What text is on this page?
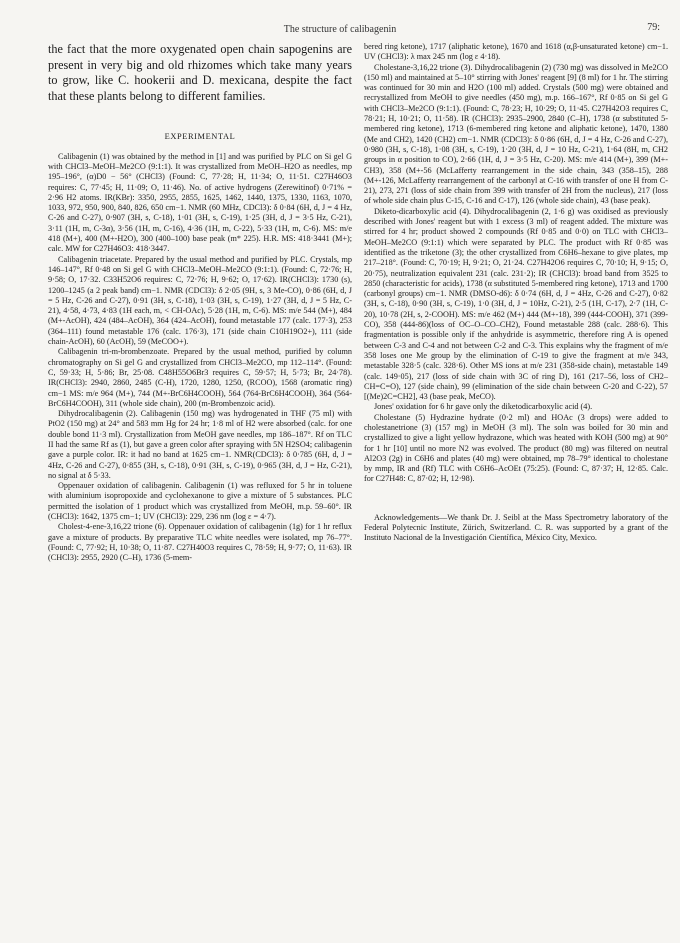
The structure of calibagenin	79:

the fact that the more oxygenated open chain sapogenins are present in very big and old rhizomes which take many years to grow, like C. hookerii and D. mexicana, despite the fact that these plants belong to different families.

EXPERIMENTAL

Calibagenin (1) was obtained by the method in [1] and was purified by PLC on Si gel G with CHCl3–MeOH–Me2CO (9:1:1). It was crystallized from MeOH–H2O as needles, mp 195–196°, (α)D0 − 56° (CHCl3) (Found: C, 77·28; H, 11·34; O, 11·51. C27H46O3 requires: C, 77·45; H, 11·09; O, 11·46). No. of active hydrogens (Zerewitinof) 0·71% = 2·96 H2 atoms. IR(KBr): 3350, 2955, 2855, 1625, 1462, 1440, 1375, 1330, 1163, 1070, 1033, 972, 950, 900, 840, 826, 650 cm−1. NMR (60 MHz, CDCl3): δ 0·84 (6H, d, J = 4 Hz, C-26 and C-27), 0·907 (3H, s, C-18), 1·01 (3H, s, C-19), 1·25 (3H, d, J = 3·5 Hz, C-21), 3·11 (1H, m, C-3α), 3·56 (1H, m, C-16), 4·36 (1H, m, C-22), 5·33 (1H, m, C-6). MS: m/e 418 (M+), 400 (M+-H2O), 300 (400–100) base peak (m* 225). H.R. MS: 418·3441 (M+); calc. MW for C27H46O3: 418·3447.

Calibagenin triacetate. Prepared by the usual method and purified by PLC. Crystals, mp 146–147°, Rf 0·48 on Si gel G with CHCl3–MeOH–Me2CO (9:1:1). (Found: C, 72·76; H, 9·58; O, 17·32. C33H52O6 requires: C, 72·76; H, 9·62; O, 17·62). IR(CHCl3): 1730 (s), 1200–1245 (a 2 peak band) cm−1. NMR (CDCl3): δ 2·05 (9H, s, 3 Me-CO), 0·86 (6H, d, J = 5 Hz, C-26 and C-27), 0·91 (3H, s, C-18), 1·03 (3H, s, C-19), 1·27 (3H, d, J = 5 Hz, C-21), 4·58, 4·73, 4·83 (1H each, m, < CH-OAc), 5·28 (1H, m, C-6). MS: m/e 544 (M+), 484 (M+-AcOH), 424 (484–AcOH), 364 (424–AcOH), found metastable 177 (calc. 177·3), 253 (364–111) found metastable 176 (calc. 176·3), 171 (side chain C10H19O2+), 111 (side chain-AcOH), 60 (AcOH), 59 (MeCOO+).

Calibagenin tri-m-brombenzoate. Prepared by the usual method, purified by column chromatography on Si gel G and crystallized from CHCl3–Me2CO, mp 112–114°. (Found: C, 59·33; H, 5·86; Br, 25·08. C48H55O6Br3 requires C, 59·57; H, 5·73; Br, 24·78). IR(CHCl3): 2940, 2860, 2485 (C-H), 1720, 1280, 1250, (RCOO), 1568 (aromatic ring) cm−1 MS: m/e 964 (M+), 744 (M+-BrC6H4COOH), 564 (764-BrC6H4COOH), 364 (564-BrC6H4COOH), 311 (whole side chain), 200 (m-Brombenzoic acid).

Dihydrocalibagenin (2). Calibagenin (150 mg) was hydrogenated in THF (75 ml) with PtO2 (150 mg) at 24° and 583 mm Hg for 24 hr; 1·8 ml of H2 were absorbed (calc. for one double bond 11·3 ml). Crystallization from MeOH gave needles, mp 186–187°. Rf on TLC II had the same Rf as (1), but gave a green color after spraying with 5N H2SO4; calibagenin gave a purple color. IR: it had no band at 1625 cm−1. NMR(CDCl3): δ 0·785 (6H, d, J = 4Hz, C-26 and C-27), 0·855 (3H, s, C-18), 0·91 (3H, s, C-19), 0·965 (3H, d, J = Hz, C-21), no signal at δ 5·33.

Oppenauer oxidation of calibagenin. Calibagenin (1) was refluxed for 5 hr in toluene with aluminium isopropoxide and cyclohexanone to give a mixture of 5 substances. PLC permitted the isolation of 1 product which was crystallized from MeOH, m.p. 59–60°. IR (CHCl3): 1642, 1375 cm−1; UV (CHCl3): 229, 236 nm (log ε = 4·7).

Cholest-4-ene-3,16,22 trione (6). Oppenauer oxidation of calibagenin (1g) for 1 hr reflux gave a mixture of products. By preparative TLC white needles were isolated, mp 76–77°. (Found: C, 77·92; H, 10·38; O, 11·87. C27H40O3 requires C, 78·59; H, 9·77; O, 11·63). IR (CHCl3): 2955, 2920 (C–H), 1736 (5-mem-

bered ring ketone), 1717 (aliphatic ketone), 1670 and 1618 (α,β-unsaturated ketone) cm−1. UV (CHCl3): λ max 245 nm (log ε 4·18).

Cholestane-3,16,22 trione (3). Dihydrocalibagenin (2) (730 mg) was dissolved in Me2CO (150 ml) and maintained at 5–10° stirring with Jones' reagent [9] (8 ml) for 1 hr. The stirring was continued for 30 min and H2O (100 ml) added. Crystals (500 mg) were obtained and recrystallized from MeOH to give needles (450 mg), m.p. 166–167°, Rf 0·85 on Si gel G with CHCl3–Me2CO (9:1:1). (Found: C, 78·23; H, 10·29; O, 11·45. C27H42O3 requires C, 78·21; H, 10·21; O, 11·58). IR (CHCl3): 2935–2900, 2840 (C–H), 1738 (α substituted 5-membered ring ketone), 1713 (6-membered ring ketone and aliphatic ketone), 1470, 1380 (Me and CH2), 1420 (CH2) cm−1. NMR (CDCl3): δ 0·86 (6H, d, J = 4 Hz, C-26 and C-27), 0·980 (3H, s, C-18), 1·08 (3H, s, C-19), 1·20 (3H, d, J = 10 Hz, C-21), 1·64 (8H, m, CH2 groups in α position to CO), 2·66 (1H, d, J = 3·5 Hz, C-20). MS: m/e 414 (M+), 399 (M+-CH3), 358 (M+-56 (McLafferty rearrangement in the side chain, 343 (358–15), 288 (M+-126, McLafferty rearrangement of the carbonyl at C-16 with transfer of one H from C-21), 273, 271 (loss of side chain from 399 with transfer of 2H from the nucleus), 217 (loss of whole side chain plus C-15, C-16 and C-17), 126 (whole side chain), 43 (base peak).

Diketo-dicarboxylic acid (4). Dihydrocalibagenin (2, 1·6 g) was oxidised as previously described with Jones' reagent but with 1 excess (3 ml) of reagent added. The mixture was stirred for 4 hr; product showed 2 compounds (Rf 0·85 and 0·0) on TLC with CHCl3–MeOH–Me2CO (9:1:1) which were separated by PLC. The product with Rf 0·85 was identified as the triketone (3); the other crystallized from C6H6–hexane to give plates, mp 217–218°. (Found: C, 70·19; H, 9·21; O, 21·24. C27H42O6 requires C, 70·10; H, 9·15; O, 20·75), neutralization equivalent 231 (calc. 231·2); IR (CHCl3): broad band from 3525 to 2850 (characteristic for acids), 1738 (α substituted 5-membered ring ketone), 1713 and 1700 (carbonyl groups) cm−1. NMR (DMSO-d6): δ 0·74 (6H, d, J = 4Hz, C-26 and C-27), 0·82 (3H, s, C-18), 0·90 (3H, s, C-19), 1·0 (3H, d, J = 10Hz, C-21), 2·5 (1H, C-17), 2·7 (1H, C-20), 10·78 (2H, s, 2-COOH). MS: m/e 462 (M+) 444 (M+-18), 399 (444-COOH), 371 (399-CO), 358 (444-86)(loss of OC–O–CO–CH2), Found metastable 288 (calc. 288·6). This fragmentation is possible only if the anhydride is asymmetric, therefore ring A is opened between C-3 and C-4 and not between C-2 and C-3. This explains why the fragment of m/e 358 loses one Me group by the elimination of C-19 to give the fragment at m/e 343, metastable 328·5 (calc. 328·6). Other MS ions at m/e 231 (358-side chain), metastable 149 (calc. 149·05), 217 (loss of side chain with 3C of ring D), 161 (217–56, loss of CH2–CH=C=O), 127 (side chain), 99 (elimination of the side chain between C-20 and C-22), 57 [(Me)2C=CH2], 43 (base peak, MeCO).

Jones' oxidation for 6 hr gave only the diketodicarboxylic acid (4).

Cholestane (5) Hydrazine hydrate (0·2 ml) and HOAc (3 drops) were added to cholestanetrione (3) (157 mg) in MeOH (3 ml). The soln was boiled for 30 min and crystallized to give a light yellow hydrazone, which was heated with KOH (500 mg) at 90° for 1 hr [10] until no more N2 was evolved. The product (80 mg) was filtered on neutral Al2O3 (2g) in C6H6 and plates (40 mg) were obtained, mp 78–79° identical to cholestane by mmp, IR and (Rf) TLC with C6H6–AcOEt (75:25). (Found: C, 87·37; H, 12·85. Calc. for C27H48: C, 87·02; H, 12·98).

Acknowledgements—We thank Dr. J. Seibl at the Mass Spectrometry laboratory of the Federal Polytecnic Institute, Zürich, Switzerland. C. R. was supported by a grant of the Instituto Nacional de la Investigación Científica, México City, Mexico.
